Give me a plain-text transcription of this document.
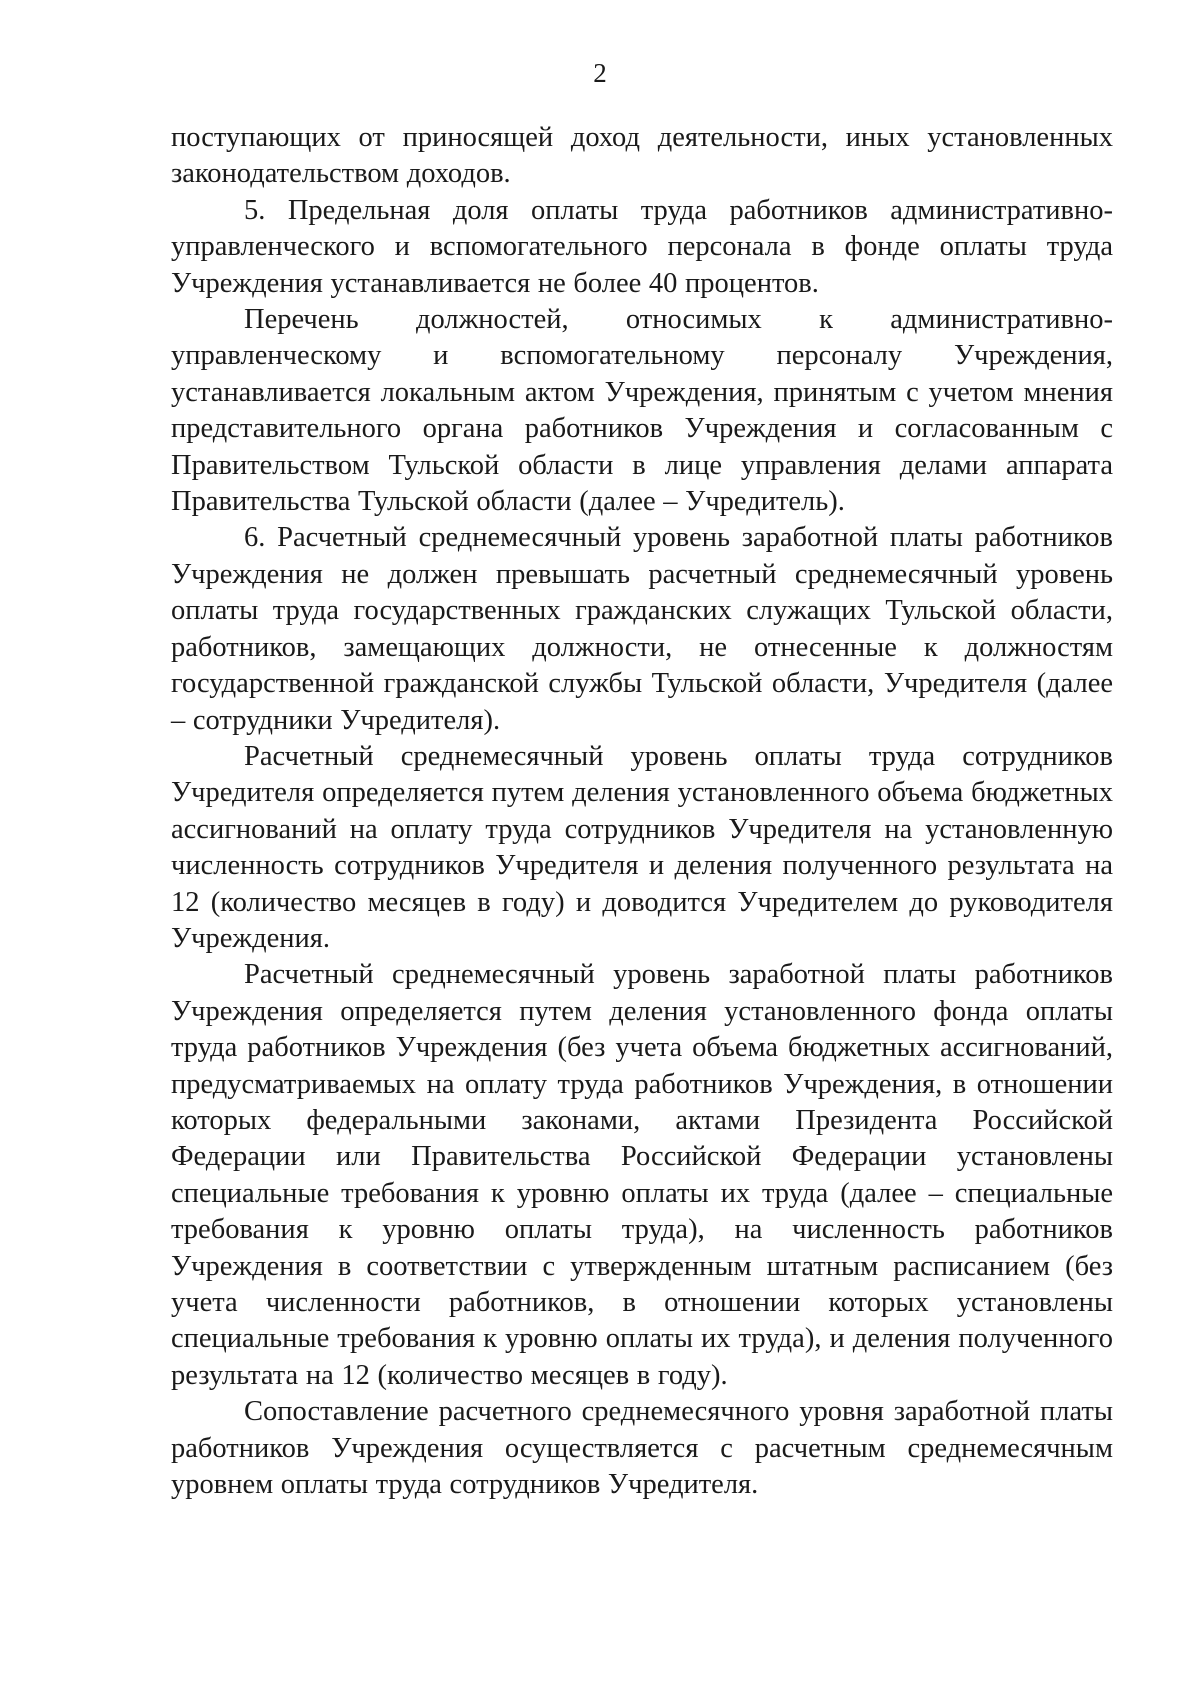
2

поступающих от приносящей доход деятельности, иных установленных законодательством доходов.

5. Предельная доля оплаты труда работников административно-управленческого и вспомогательного персонала в фонде оплаты труда Учреждения устанавливается не более 40 процентов.

Перечень должностей, относимых к административно-управленческому и вспомогательному персоналу Учреждения, устанавливается локальным актом Учреждения, принятым с учетом мнения представительного органа работников Учреждения и согласованным с Правительством Тульской области в лице управления делами аппарата Правительства Тульской области (далее – Учредитель).

6. Расчетный среднемесячный уровень заработной платы работников Учреждения не должен превышать расчетный среднемесячный уровень оплаты труда государственных гражданских служащих Тульской области, работников, замещающих должности, не отнесенные к должностям государственной гражданской службы Тульской области, Учредителя (далее – сотрудники Учредителя).

Расчетный среднемесячный уровень оплаты труда сотрудников Учредителя определяется путем деления установленного объема бюджетных ассигнований на оплату труда сотрудников Учредителя на установленную численность сотрудников Учредителя и деления полученного результата на 12 (количество месяцев в году) и доводится Учредителем до руководителя Учреждения.

Расчетный среднемесячный уровень заработной платы работников Учреждения определяется путем деления установленного фонда оплаты труда работников Учреждения (без учета объема бюджетных ассигнований, предусматриваемых на оплату труда работников Учреждения, в отношении которых федеральными законами, актами Президента Российской Федерации или Правительства Российской Федерации установлены специальные требования к уровню оплаты их труда (далее – специальные требования к уровню оплаты труда), на численность работников Учреждения в соответствии с утвержденным штатным расписанием (без учета численности работников, в отношении которых установлены специальные требования к уровню оплаты их труда), и деления полученного результата на 12 (количество месяцев в году).

Сопоставление расчетного среднемесячного уровня заработной платы работников Учреждения осуществляется с расчетным среднемесячным уровнем оплаты труда сотрудников Учредителя.
